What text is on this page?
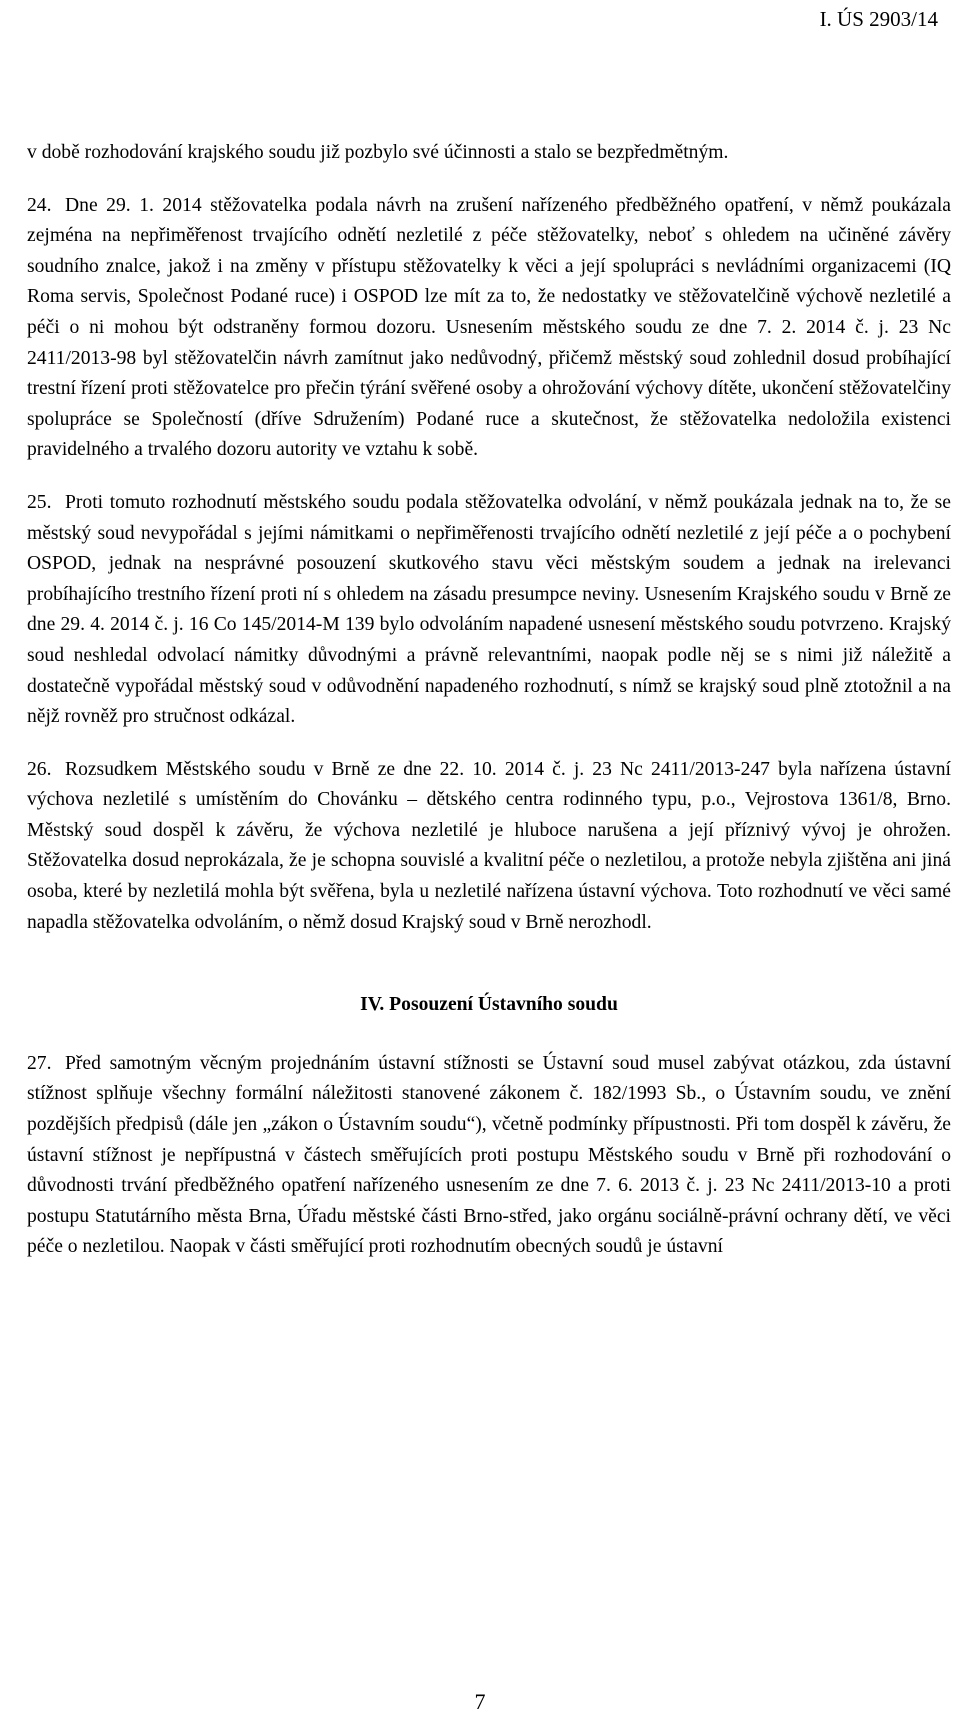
I. ÚS 2903/14

v době rozhodování krajského soudu již pozbylo své účinnosti a stalo se bezpředmětným.

24. Dne 29. 1. 2014 stěžovatelka podala návrh na zrušení nařízeného předběžného opatření, v němž poukázala zejména na nepřiměřenost trvajícího odnětí nezletilé z péče stěžovatelky, neboť s ohledem na učiněné závěry soudního znalce, jakož i na změny v přístupu stěžovatelky k věci a její spolupráci s nevládními organizacemi (IQ Roma servis, Společnost Podané ruce) i OSPOD lze mít za to, že nedostatky ve stěžovatelčině výchově nezletilé a péči o ni mohou být odstraněny formou dozoru. Usnesením městského soudu ze dne 7. 2. 2014 č. j. 23 Nc 2411/2013-98 byl stěžovatelčin návrh zamítnut jako nedůvodný, přičemž městský soud zohlednil dosud probíhající trestní řízení proti stěžovatelce pro přečin týrání svěřené osoby a ohrožování výchovy dítěte, ukončení stěžovatelčiny spolupráce se Společností (dříve Sdružením) Podané ruce a skutečnost, že stěžovatelka nedoložila existenci pravidelného a trvalého dozoru autority ve vztahu k sobě.

25. Proti tomuto rozhodnutí městského soudu podala stěžovatelka odvolání, v němž poukázala jednak na to, že se městský soud nevypořádal s jejími námitkami o nepřiměřenosti trvajícího odnětí nezletilé z její péče a o pochybení OSPOD, jednak na nesprávné posouzení skutkového stavu věci městským soudem a jednak na irelevanci probíhajícího trestního řízení proti ní s ohledem na zásadu presumpce neviny. Usnesením Krajského soudu v Brně ze dne 29. 4. 2014 č. j. 16 Co 145/2014-M 139 bylo odvoláním napadené usnesení městského soudu potvrzeno. Krajský soud neshledal odvolací námitky důvodnými a právně relevantními, naopak podle něj se s nimi již náležitě a dostatečně vypořádal městský soud v odůvodnění napadeného rozhodnutí, s nímž se krajský soud plně ztotožnil a na nějž rovněž pro stručnost odkázal.

26. Rozsudkem Městského soudu v Brně ze dne 22. 10. 2014 č. j. 23 Nc 2411/2013-247 byla nařízena ústavní výchova nezletilé s umístěním do Chovánku – dětského centra rodinného typu, p.o., Vejrostova 1361/8, Brno. Městský soud dospěl k závěru, že výchova nezletilé je hluboce narušena a její příznivý vývoj je ohrožen. Stěžovatelka dosud neprokázala, že je schopna souvislé a kvalitní péče o nezletilou, a protože nebyla zjištěna ani jiná osoba, které by nezletilá mohla být svěřena, byla u nezletilé nařízena ústavní výchova. Toto rozhodnutí ve věci samé napadla stěžovatelka odvoláním, o němž dosud Krajský soud v Brně nerozhodl.

IV. Posouzení Ústavního soudu

27. Před samotným věcným projednáním ústavní stížnosti se Ústavní soud musel zabývat otázkou, zda ústavní stížnost splňuje všechny formální náležitosti stanovené zákonem č. 182/1993 Sb., o Ústavním soudu, ve znění pozdějších předpisů (dále jen „zákon o Ústavním soudu“), včetně podmínky přípustnosti. Při tom dospěl k závěru, že ústavní stížnost je nepřípustná v částech směřujících proti postupu Městského soudu v Brně při rozhodování o důvodnosti trvání předběžného opatření nařízeného usnesením ze dne 7. 6. 2013 č. j. 23 Nc 2411/2013-10 a proti postupu Statutárního města Brna, Úřadu městské části Brno-střed, jako orgánu sociálně-právní ochrany dětí, ve věci péče o nezletilou. Naopak v části směřující proti rozhodnutím obecných soudů je ústavní

7
